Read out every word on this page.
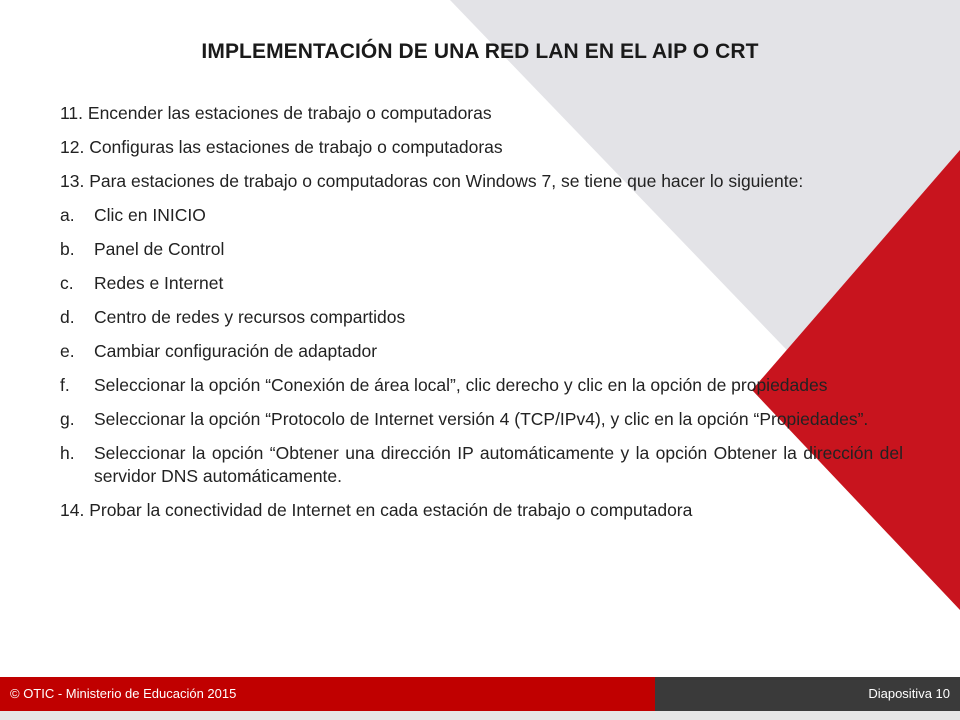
IMPLEMENTACIÓN DE UNA RED LAN EN EL AIP O CRT
11. Encender las estaciones de trabajo o computadoras
12. Configuras las estaciones de trabajo o computadoras
13. Para estaciones de trabajo o computadoras con Windows 7, se tiene que hacer lo siguiente:
a.	Clic en INICIO
b.	Panel de Control
c.	Redes e Internet
d.	Centro de redes y recursos compartidos
e.	Cambiar configuración de adaptador
f.	Seleccionar la opción “Conexión de área local”, clic derecho y clic en la opción de propiedades
g.	Seleccionar la opción “Protocolo de Internet versión 4 (TCP/IPv4), y clic en la opción “Propiedades”.
h.	Seleccionar la opción “Obtener una dirección IP automáticamente y la opción Obtener la dirección del servidor DNS automáticamente.
14. Probar la conectividad de Internet en cada estación de trabajo o computadora
© OTIC - Ministerio de Educación 2015	Diapositiva 10
